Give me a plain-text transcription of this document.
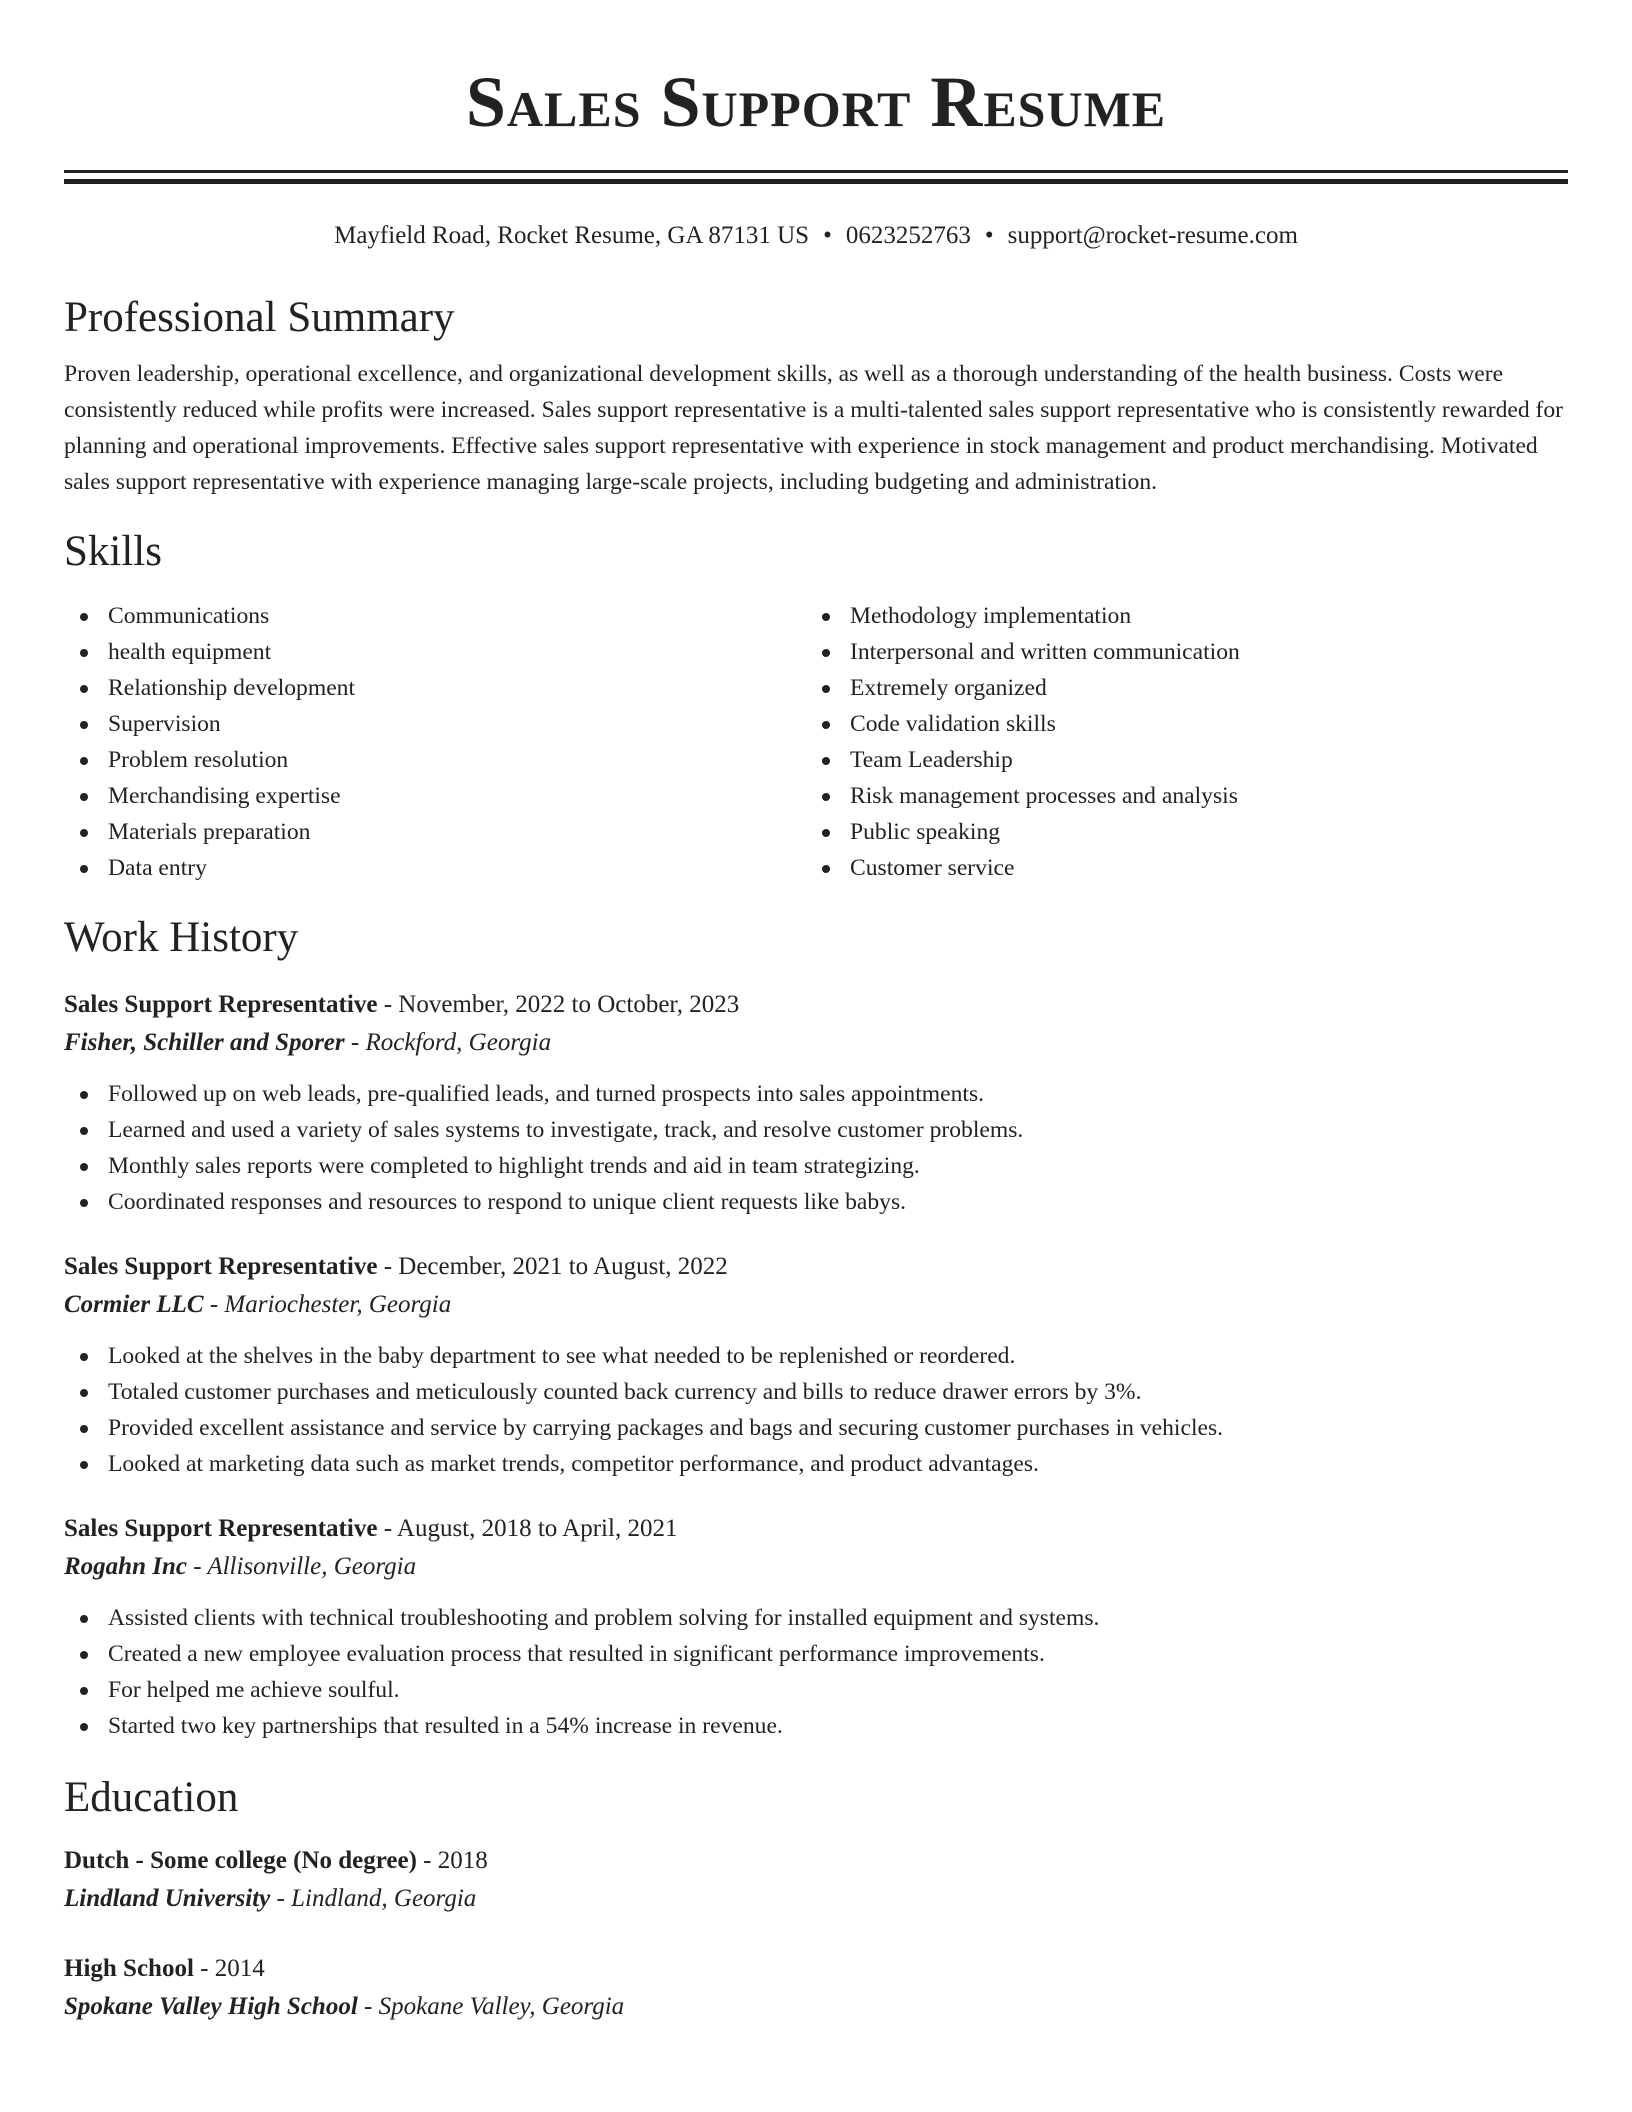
Sales Support Resume
Mayfield Road, Rocket Resume, GA 87131 US • 0623252763 • support@rocket-resume.com
Professional Summary

Proven leadership, operational excellence, and organizational development skills, as well as a thorough understanding of the health business. Costs were consistently reduced while profits were increased. Sales support representative is a multi-talented sales support representative who is consistently rewarded for planning and operational improvements. Effective sales support representative with experience in stock management and product merchandising. Motivated sales support representative with experience managing large-scale projects, including budgeting and administration.

Skills
Communications
health equipment
Relationship development
Supervision
Problem resolution
Merchandising expertise
Materials preparation
Data entry
Methodology implementation
Interpersonal and written communication
Extremely organized
Code validation skills
Team Leadership
Risk management processes and analysis
Public speaking
Customer service
Work History
Sales Support Representative - November, 2022 to October, 2023
Fisher, Schiller and Sporer - Rockford, Georgia
Followed up on web leads, pre-qualified leads, and turned prospects into sales appointments.
Learned and used a variety of sales systems to investigate, track, and resolve customer problems.
Monthly sales reports were completed to highlight trends and aid in team strategizing.
Coordinated responses and resources to respond to unique client requests like babys.
Sales Support Representative - December, 2021 to August, 2022
Cormier LLC - Mariochester, Georgia
Looked at the shelves in the baby department to see what needed to be replenished or reordered.
Totaled customer purchases and meticulously counted back currency and bills to reduce drawer errors by 3%.
Provided excellent assistance and service by carrying packages and bags and securing customer purchases in vehicles.
Looked at marketing data such as market trends, competitor performance, and product advantages.
Sales Support Representative - August, 2018 to April, 2021
Rogahn Inc - Allisonville, Georgia
Assisted clients with technical troubleshooting and problem solving for installed equipment and systems.
Created a new employee evaluation process that resulted in significant performance improvements.
For helped me achieve soulful.
Started two key partnerships that resulted in a 54% increase in revenue.
Education
Dutch - Some college (No degree) - 2018
Lindland University - Lindland, Georgia
High School - 2014
Spokane Valley High School - Spokane Valley, Georgia
